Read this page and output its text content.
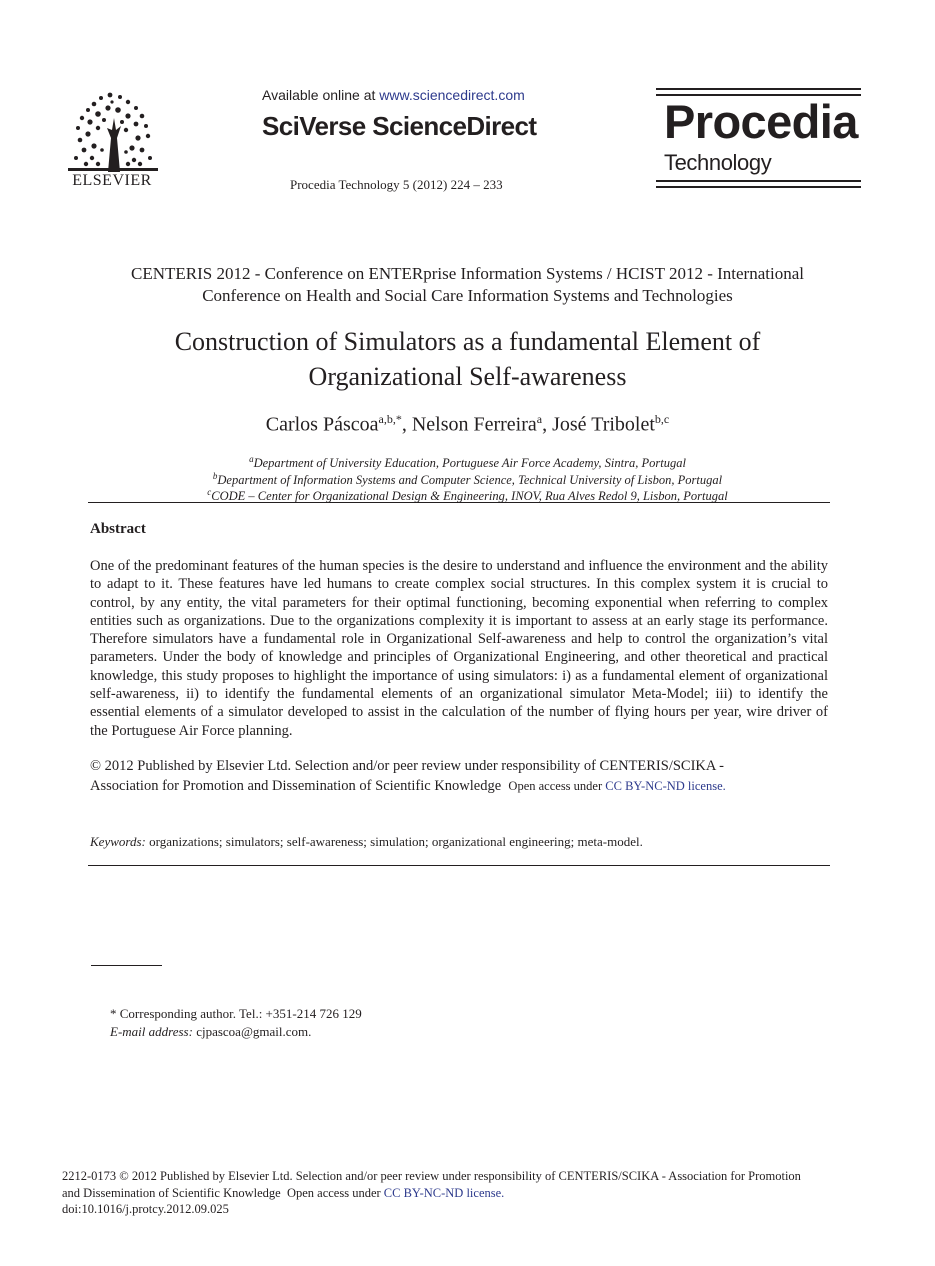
ELSEVIER
Available online at www.sciencedirect.com
SciVerse ScienceDirect
Procedia Technology 5 (2012) 224 – 233
Procedia
Technology
CENTERIS 2012 - Conference on ENTERprise Information Systems / HCIST 2012 - International
Conference on Health and Social Care Information Systems and Technologies
Construction of Simulators as a fundamental Element of
Organizational Self-awareness
Carlos Páscoa$^{a,b,*}$, Nelson Ferreira$^a$, José Tribolet$^{b,c}$
$^a$Department of University Education, Portuguese Air Force Academy, Sintra, Portugal
$^b$Department of Information Systems and Computer Science, Technical University of Lisbon, Portugal
$^c$CODE – Center for Organizational Design & Engineering, INOV, Rua Alves Redol 9, Lisbon, Portugal
Abstract
One of the predominant features of the human species is the desire to understand and influence the environment and the ability to adapt to it. These features have led humans to create complex social structures. In this complex system it is crucial to control, by any entity, the vital parameters for their optimal functioning, becoming exponential when referring to complex entities such as organizations. Due to the organizations complexity it is important to assess at an early stage its performance. Therefore simulators have a fundamental role in Organizational Self-awareness and help to control the organization’s vital parameters. Under the body of knowledge and principles of Organizational Engineering, and other theoretical and practical knowledge, this study proposes to highlight the importance of using simulators: i) as a fundamental element of organizational self-awareness, ii) to identify the fundamental elements of an organizational simulator Meta-Model; iii) to identify the essential elements of a simulator developed to assist in the calculation of the number of flying hours per year, wire driver of the Portuguese Air Force planning.
© 2012 Published by Elsevier Ltd. Selection and/or peer review under responsibility of CENTERIS/SCIKA -
Association for Promotion and Dissemination of Scientific Knowledge Open access under CC BY-NC-ND license.
Keywords: organizations; simulators; self-awareness; simulation; organizational engineering; meta-model.
* Corresponding author. Tel.: +351-214 726 129
E-mail address: cjpascoa@gmail.com.
2212-0173 © 2012 Published by Elsevier Ltd. Selection and/or peer review under responsibility of CENTERIS/SCIKA - Association for Promotion
and Dissemination of Scientific Knowledge Open access under CC BY-NC-ND license.
doi:10.1016/j.protcy.2012.09.025
